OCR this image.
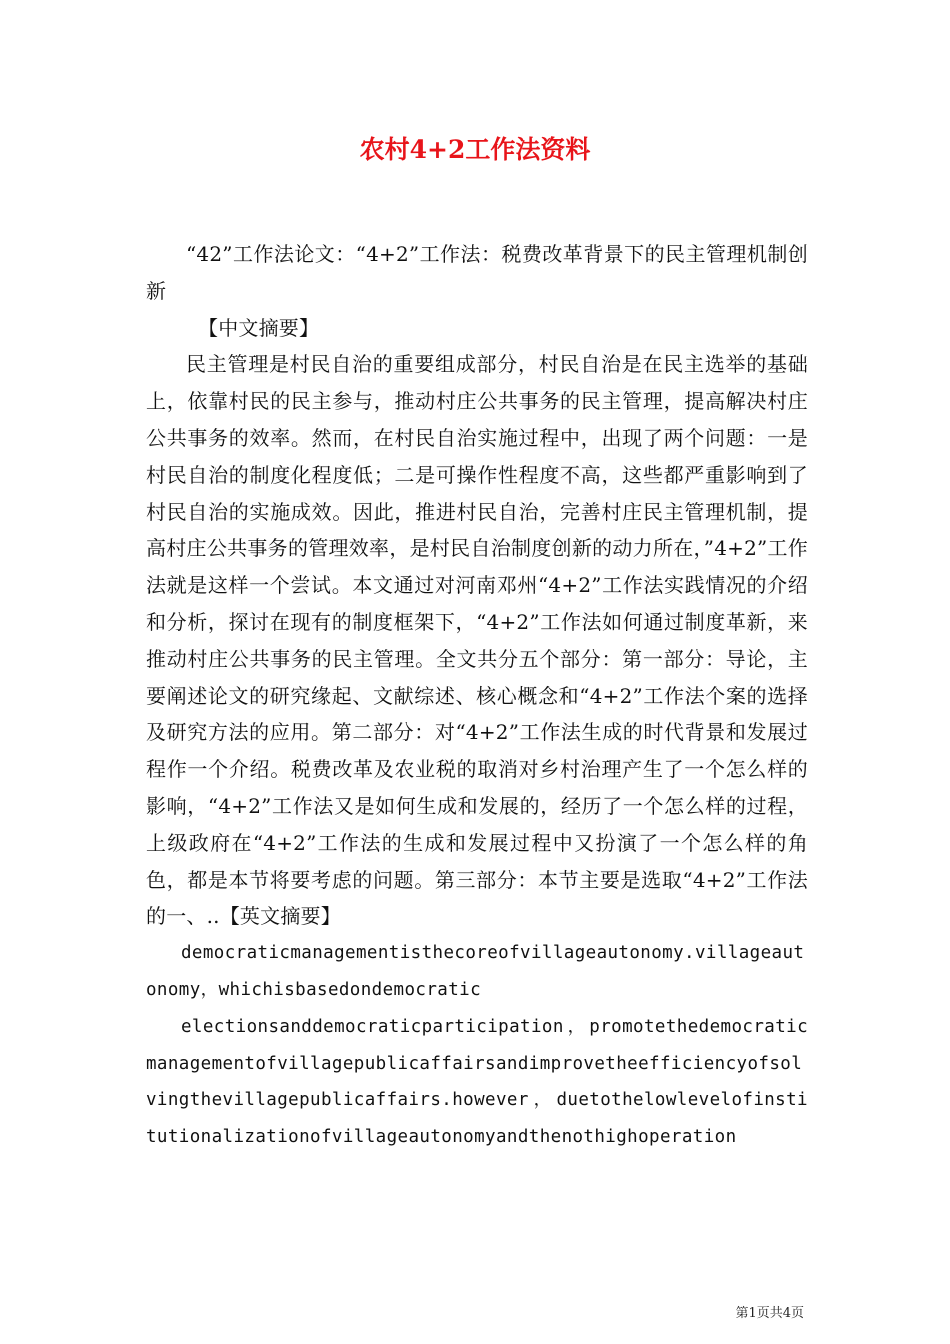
农村4+2工作法资料

“42”工作法论文：“4+2”工作法：税费改革背景下的民主管理机制创新

【中文摘要】

民主管理是村民自治的重要组成部分，村民自治是在民主选举的基础上，依靠村民的民主参与，推动村庄公共事务的民主管理，提高解决村庄公共事务的效率。然而，在村民自治实施过程中，出现了两个问题：一是村民自治的制度化程度低；二是可操作性程度不高，这些都严重影响到了村民自治的实施成效。因此，推进村民自治，完善村庄民主管理机制，提高村庄公共事务的管理效率，是村民自治制度创新的动力所在，”4+2”工作法就是这样一个尝试。本文通过对河南邓州“4+2”工作法实践情况的介绍和分析，探讨在现有的制度框架下，“4+2”工作法如何通过制度革新，来推动村庄公共事务的民主管理。全文共分五个部分：第一部分：导论，主要阐述论文的研究缘起、文献综述、核心概念和“4+2”工作法个案的选择及研究方法的应用。第二部分：对“4+2”工作法生成的时代背景和发展过程作一个介绍。税费改革及农业税的取消对乡村治理产生了一个怎么样的影响，“4+2”工作法又是如何生成和发展的，经历了一个怎么样的过程，上级政府在“4+2”工作法的生成和发展过程中又扮演了一个怎么样的角色，都是本节将要考虑的问题。第三部分：本节主要是选取“4+2”工作法的一、..【英文摘要】

democraticmanagementisthecoreofvillageautonomy.villageautonomy，whichisbasedondemocratic

electionsanddemocraticparticipation，promotethedemocraticmanagementofvillagepublicaffairsandimprovetheefficiencyofsolvingthevillagepublicaffairs.however，duetothelowlevelofinstitutionalizationofvillageautonomyandthenothighoperation

第1页共4页
